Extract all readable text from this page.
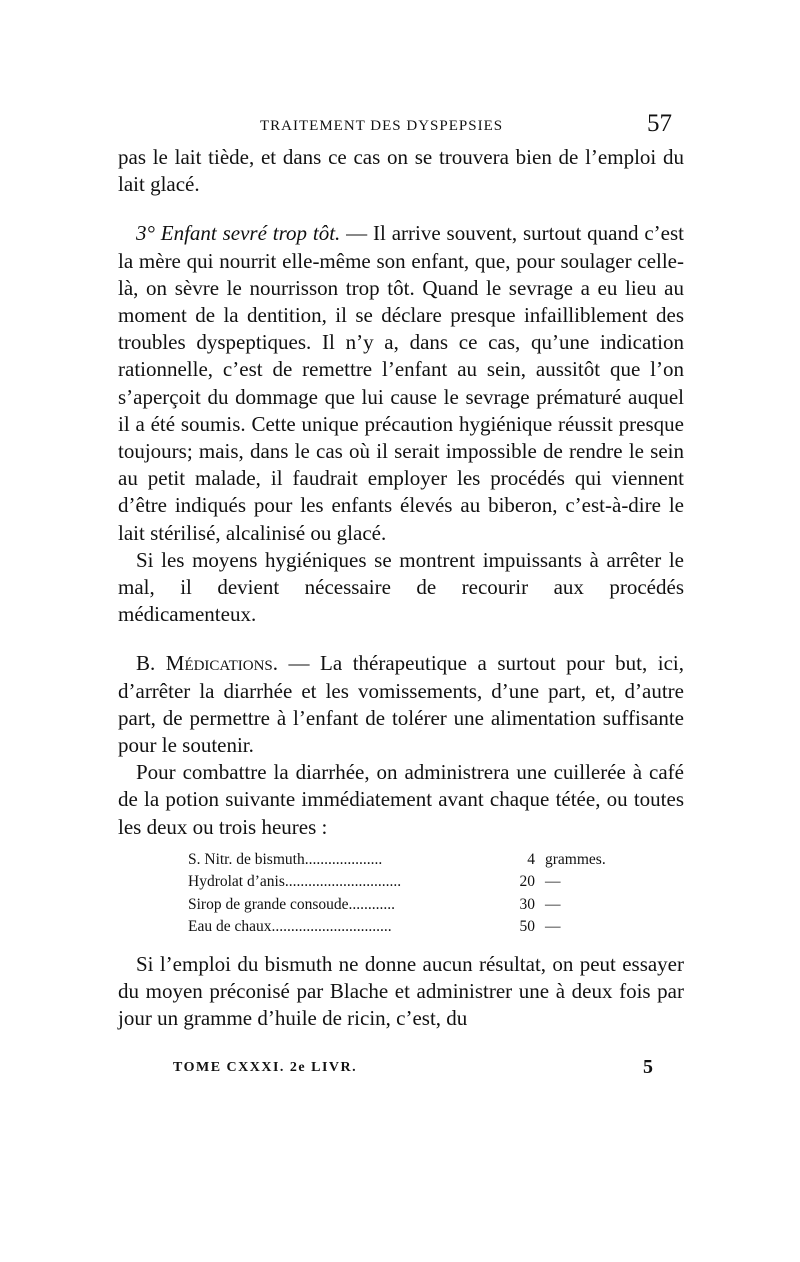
TRAITEMENT DES DYSPEPSIES	57

pas le lait tiède, et dans ce cas on se trouvera bien de l’emploi du lait glacé.

3° Enfant sevré trop tôt. — Il arrive souvent, surtout quand c’est la mère qui nourrit elle-même son enfant, que, pour soulager celle-là, on sèvre le nourrisson trop tôt. Quand le sevrage a eu lieu au moment de la dentition, il se déclare presque infailliblement des troubles dyspeptiques. Il n’y a, dans ce cas, qu’une indication rationnelle, c’est de remettre l’enfant au sein, aussitôt que l’on s’aperçoit du dommage que lui cause le sevrage prématuré auquel il a été soumis. Cette unique précaution hygiénique réussit presque toujours; mais, dans le cas où il serait impossible de rendre le sein au petit malade, il faudrait employer les procédés qui viennent d’être indiqués pour les enfants élevés au biberon, c’est-à-dire le lait stérilisé, alcalinisé ou glacé.

Si les moyens hygiéniques se montrent impuissants à arrêter le mal, il devient nécessaire de recourir aux procédés médicamenteux.

B. Médications. — La thérapeutique a surtout pour but, ici, d’arrêter la diarrhée et les vomissements, d’une part, et, d’autre part, de permettre à l’enfant de tolérer une alimentation suffisante pour le soutenir.

Pour combattre la diarrhée, on administrera une cuillerée à café de la potion suivante immédiatement avant chaque tétée, ou toutes les deux ou trois heures :

S. Nitr. de bismuth....................	4 grammes.
Hydrolat d’anis..............................	20 —
Sirop de grande consoude............	30 —
Eau de chaux...............................	50 —

Si l’emploi du bismuth ne donne aucun résultat, on peut essayer du moyen préconisé par Blache et administrer une à deux fois par jour un gramme d’huile de ricin, c’est, du

TOME CXXXI. 2e LIVR.	5
